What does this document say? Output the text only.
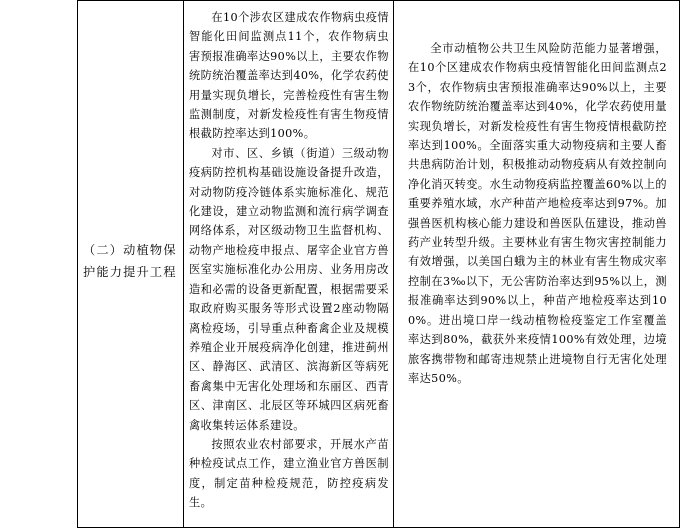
（二）动植物保护能力提升工程

在10个涉农区建成农作物病虫疫情智能化田间监测点11个，农作物病虫害预报准确率达90%以上，主要农作物统防统治覆盖率达到40%，化学农药使用量实现负增长，完善检疫性有害生物监测制度，对新发检疫性有害生物疫情根截防控率达到100%。

对市、区、乡镇（街道）三级动物疫病防控机构基础设施设备提升改造，对动物防疫冷链体系实施标准化、规范化建设，建立动物监测和流行病学调查网络体系，对区级动物卫生监督机构、动物产地检疫申报点、屠宰企业官方兽医室实施标准化办公用房、业务用房改造和必需的设备更新配置，根据需要采取政府购买服务等形式设置2座动物隔离检疫场，引导重点种畜禽企业及规模养殖企业开展疫病净化创建，推进蓟州区、静海区、武清区、滨海新区等病死畜禽集中无害化处理场和东丽区、西青区、津南区、北辰区等环城四区病死畜禽收集转运体系建设。

按照农业农村部要求，开展水产苗种检疫试点工作，建立渔业官方兽医制度，制定苗种检疫规范，防控疫病发生。

全市动植物公共卫生风险防范能力显著增强，在10个区建成农作物病虫疫情智能化田间监测点23个，农作物病虫害预报准确率达90%以上，主要农作物统防统治覆盖率达到40%，化学农药使用量实现负增长，对新发检疫性有害生物疫情根截防控率达到100%。全面落实重大动物疫病和主要人畜共患病防治计划，积极推动动物疫病从有效控制向净化消灭转变。水生动物疫病监控覆盖60%以上的重要养殖水域，水产种苗产地检疫率达到97%。加强兽医机构核心能力建设和兽医队伍建设，推动兽药产业转型升级。主要林业有害生物灾害控制能力有效增强，以美国白蛾为主的林业有害生物成灾率控制在3‰以下，无公害防治率达到95%以上，测报准确率达到90%以上，种苗产地检疫率达到100%。进出境口岸一线动植物检疫鉴定工作室覆盖率达到80%，截获外来疫情100%有效处理，边境旅客携带物和邮寄违规禁止进境物自行无害化处理率达50%。
